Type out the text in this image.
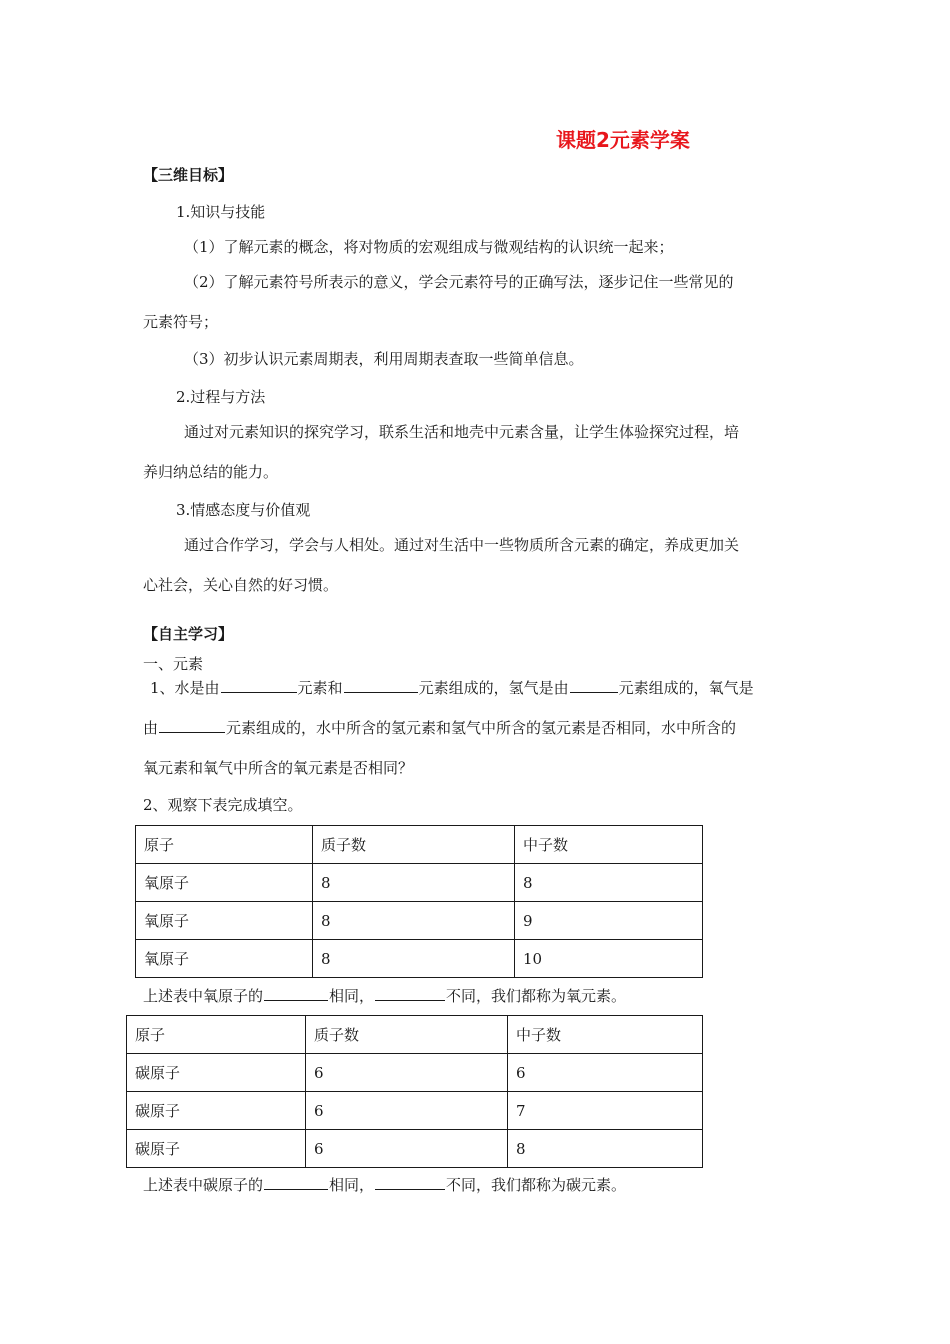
课题2元素学案
【三维目标】
1.知识与技能
（1）了解元素的概念，将对物质的宏观组成与微观结构的认识统一起来；
（2）了解元素符号所表示的意义，学会元素符号的正确写法，逐步记住一些常见的
元素符号；
（3）初步认识元素周期表，利用周期表查取一些简单信息。
2.过程与方法
通过对元素知识的探究学习，联系生活和地壳中元素含量，让学生体验探究过程，培
养归纳总结的能力。
3.情感态度与价值观
通过合作学习，学会与人相处。通过对生活中一些物质所含元素的确定，养成更加关
心社会，关心自然的好习惯。
【自主学习】
一、元素
1、水是由	元素和	元素组成的，氢气是由	元素组成的，氧气是
由	元素组成的，水中所含的氢元素和氢气中所含的氢元素是否相同，水中所含的
氧元素和氧气中所含的氧元素是否相同？
2、观察下表完成填空。
原子	质子数	中子数
氧原子	8	8
氧原子	8	9
氧原子	8	10
上述表中氧原子的	相同，	不同，我们都称为氧元素。
原子	质子数	中子数
碳原子	6	6
碳原子	6	7
碳原子	6	8
上述表中碳原子的	相同，	不同，我们都称为碳元素。
